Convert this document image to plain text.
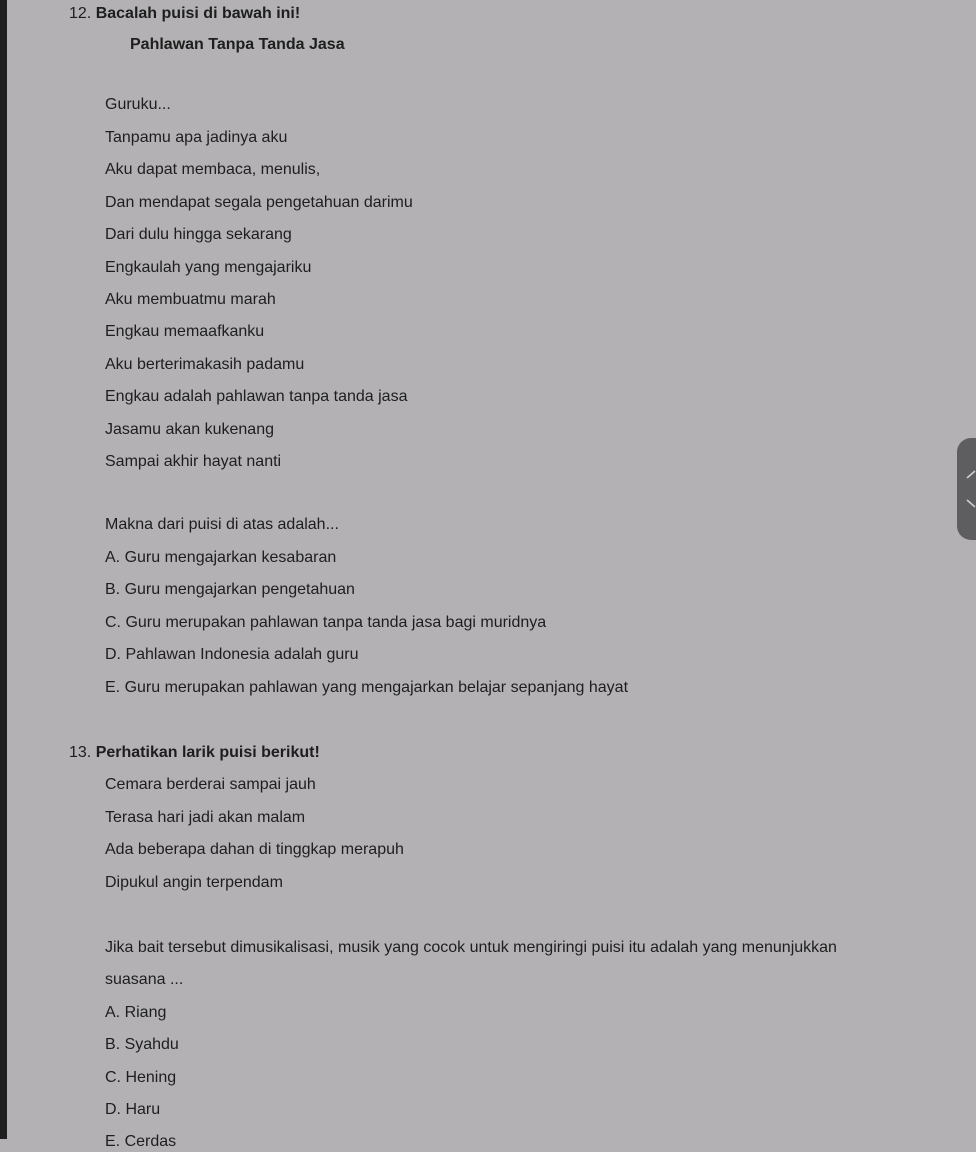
12. Bacalah puisi di bawah ini!
Pahlawan Tanpa Tanda Jasa
Guruku...
Tanpamu apa jadinya aku
Aku dapat membaca, menulis,
Dan mendapat segala pengetahuan darimu
Dari dulu hingga sekarang
Engkaulah yang mengajariku
Aku membuatmu marah
Engkau memaafkanku
Aku berterimakasih padamu
Engkau adalah pahlawan tanpa tanda jasa
Jasamu akan kukenang
Sampai akhir hayat nanti
Makna dari puisi di atas adalah...
A. Guru mengajarkan kesabaran
B. Guru mengajarkan pengetahuan
C. Guru merupakan pahlawan tanpa tanda jasa bagi muridnya
D. Pahlawan Indonesia adalah guru
E. Guru merupakan pahlawan yang mengajarkan belajar sepanjang hayat
13. Perhatikan larik puisi berikut!
Cemara berderai sampai jauh
Terasa hari jadi akan malam
Ada beberapa dahan di tinggkap merapuh
Dipukul angin terpendam
Jika bait tersebut dimusikalisasi, musik yang cocok untuk mengiringi puisi itu adalah yang menunjukkan
suasana ...
A. Riang
B. Syahdu
C. Hening
D. Haru
E. Cerdas
